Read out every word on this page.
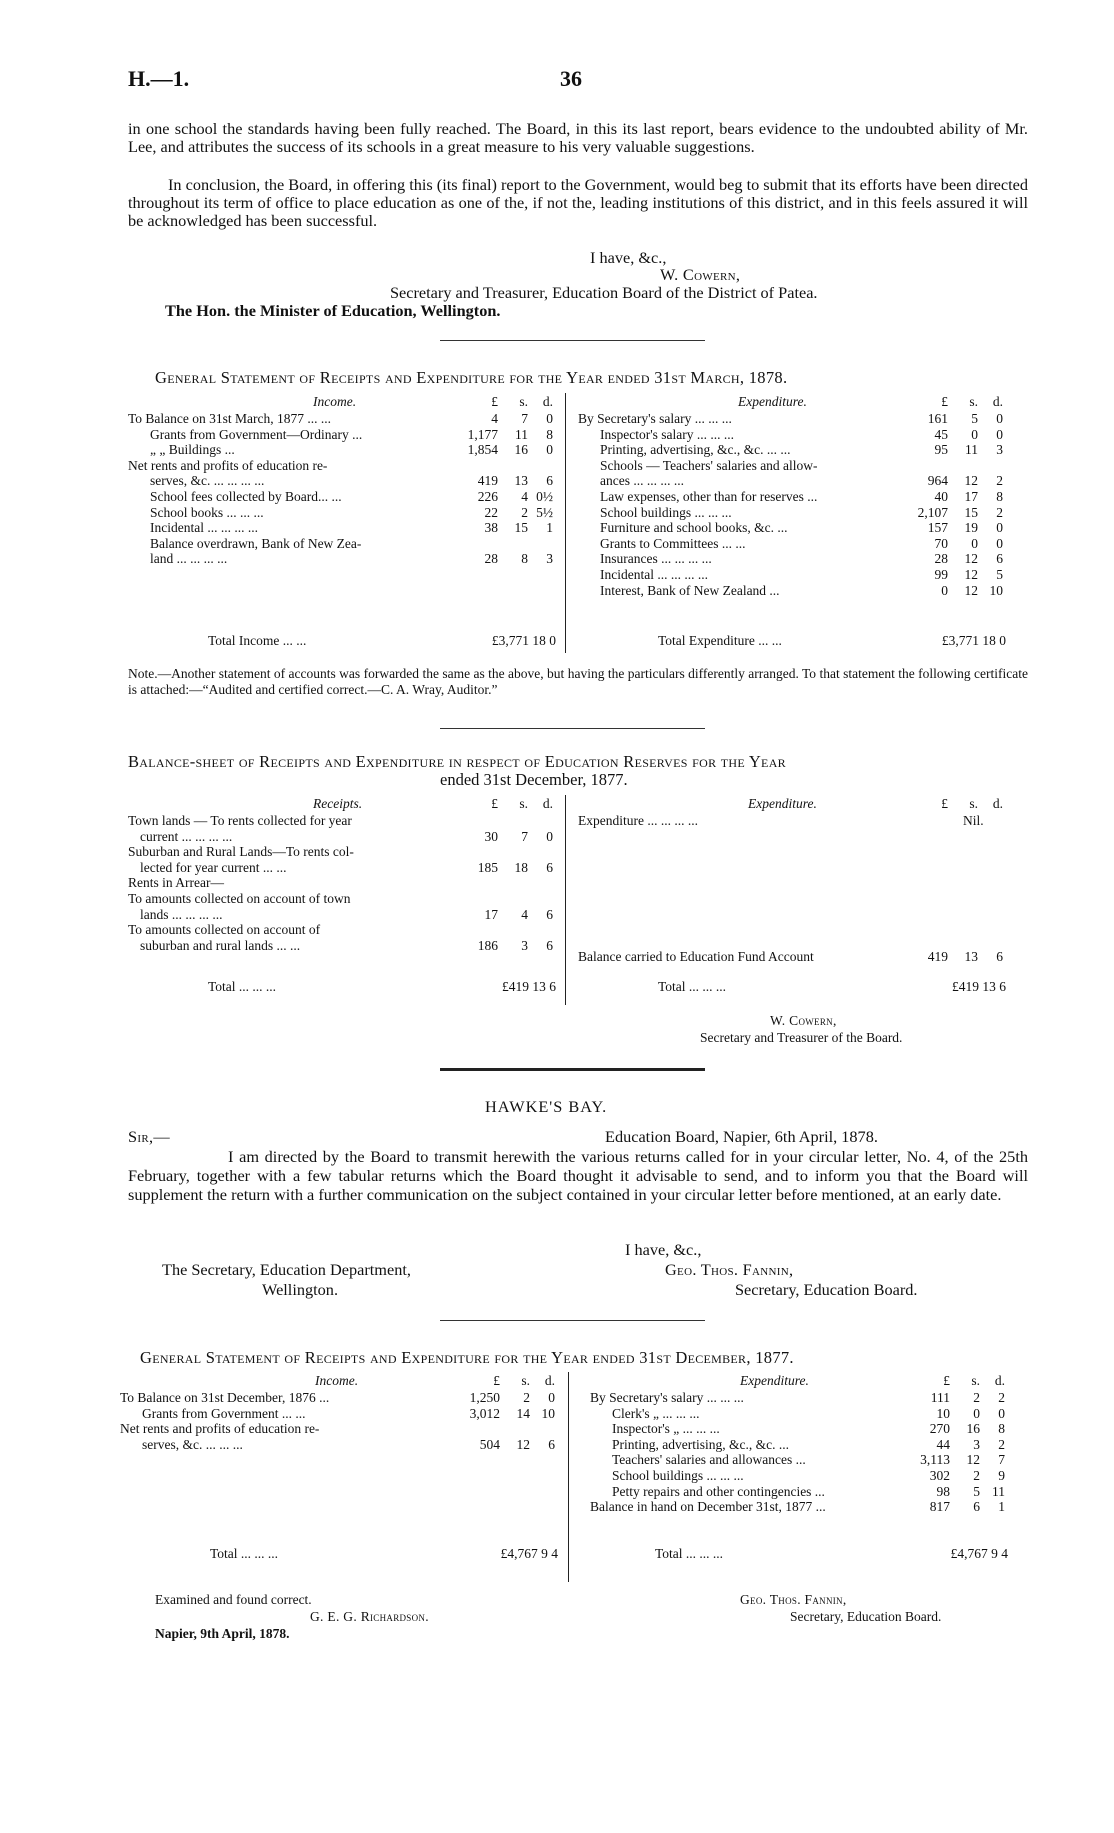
H.—1.	36
in one school the standards having been fully reached. The Board, in this its last report, bears evidence to the undoubted ability of Mr. Lee, and attributes the success of its schools in a great measure to his very valuable suggestions.
In conclusion, the Board, in offering this (its final) report to the Government, would beg to submit that its efforts have been directed throughout its term of office to place education as one of the, if not the, leading institutions of this district, and in this feels assured it will be acknowledged has been successful.
I have, &c.,
W. Cowern,
Secretary and Treasurer, Education Board of the District of Patea.
The Hon. the Minister of Education, Wellington.
General Statement of Receipts and Expenditure for the Year ended 31st March, 1878.
Income.	£	s.	d.	Expenditure.	£	s.	d.
To Balance on 31st March, 1877 ... ...	4	7	0
Grants from Government—Ordinary ...	1,177	11	8
„ „ Buildings ...	1,854	16	0
Net rents and profits of education re-
serves, &c. ... ... ... ...	419	13	6
School fees collected by Board... ...	226	4 0½
School books ... ... ...	22	2 5½
Incidental ... ... ... ...	38	15	1
Balance overdrawn, Bank of New Zea-
land ... ... ... ...	28	8	3
By Secretary's salary ... ... ...	161	5	0
Inspector's salary ... ... ...	45	0	0
Printing, advertising, &c., &c. ... ...	95	11	3
Schools — Teachers' salaries and allow-
ances ... ... ... ...	964	12	2
Law expenses, other than for reserves ...	40	17	8
School buildings ... ... ...	2,107	15	2
Furniture and school books, &c. ...	157	19	0
Grants to Committees ... ...	70	0	0
Insurances ... ... ... ...	28	12	6
Incidental ... ... ... ...	99	12	5
Interest, Bank of New Zealand ...	0	12 10
Total Income ... ...	£3,771 18 0	Total Expenditure ... ...	£3,771 18 0
Note.—Another statement of accounts was forwarded the same as the above, but having the particulars differently arranged. To that statement the following certificate is attached:—“Audited and certified correct.—C. A. Wray, Auditor.”
Balance-sheet of Receipts and Expenditure in respect of Education Reserves for the Year
ended 31st December, 1877.
Receipts.	£	s.	d.	Expenditure.	£	s.	d.
Town lands — To rents collected for year
current ... ... ... ...	30	7	0
Suburban and Rural Lands—To rents col-
lected for year current ... ...	185	18	6
Rents in Arrear—
To amounts collected on account of town
lands ... ... ... ...	17	4	6
To amounts collected on account of
suburban and rural lands ... ...	186	3	6
Expenditure ... ... ... ...	Nil.
Balance carried to Education Fund Account	419	13	6
Total ... ... ...	£419 13 6	Total ... ... ...	£419 13 6
W. Cowern,
Secretary and Treasurer of the Board.
HAWKE'S BAY.
Sir,—	Education Board, Napier, 6th April, 1878.
I am directed by the Board to transmit herewith the various returns called for in your circular letter, No. 4, of the 25th February, together with a few tabular returns which the Board thought it advisable to send, and to inform you that the Board will supplement the return with a further communication on the subject contained in your circular letter before mentioned, at an early date.
I have, &c.,
The Secretary, Education Department,
Wellington.
Geo. Thos. Fannin,
Secretary, Education Board.
General Statement of Receipts and Expenditure for the Year ended 31st December, 1877.
Income.	£	s.	d.	Expenditure.	£	s.	d.
To Balance on 31st December, 1876 ...	1,250	2	0
Grants from Government ... ...	3,012	14 10
Net rents and profits of education re-
serves, &c. ... ... ...	504	12	6
By Secretary's salary ... ... ...	111	2	2
Clerk's „ ... ... ...	10	0	0
Inspector's „ ... ... ...	270	16	8
Printing, advertising, &c., &c. ...	44	3	2
Teachers' salaries and allowances ...	3,113	12	7
School buildings ... ... ...	302	2	9
Petty repairs and other contingencies ...	98	5 11
Balance in hand on December 31st, 1877 ...	817	6	1
Total ... ... ...	£4,767 9 4	Total ... ... ...	£4,767 9 4
Examined and found correct.
G. E. G. Richardson.
Napier, 9th April, 1878.
Geo. Thos. Fannin,
Secretary, Education Board.
